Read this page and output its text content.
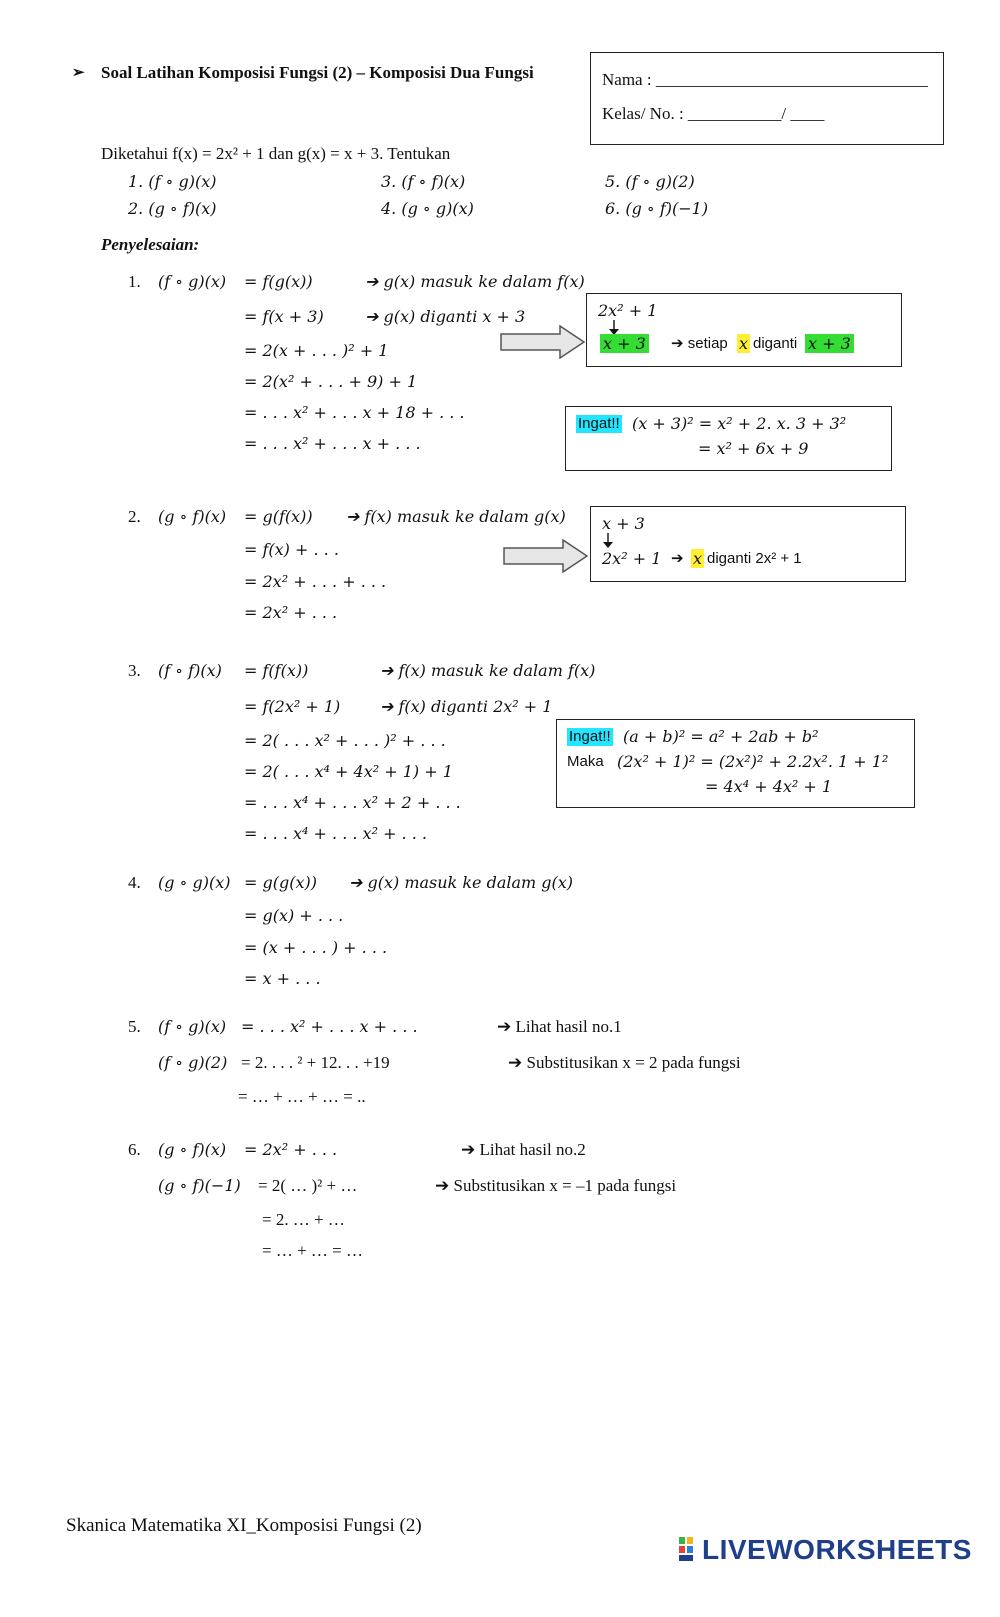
➢ Soal Latihan Komposisi Fungsi (2) – Komposisi Dua Fungsi	Nama : ________________________________
Kelas/ No. : ___________/ ____
Diketahui f(x) = 2x² + 1 dan g(x) = x + 3. Tentukan
1. (f ∘ g)(x)
2. (g ∘ f)(x)
3. (f ∘ f)(x)
4. (g ∘ g)(x)
5. (f ∘ g)(2)
6. (g ∘ f)(−1)
Penyelesaian:
1. (f ∘ g)(x) = f(g(x))	➔ g(x) masuk ke dalam f(x)
= f(x + 3)	➔ g(x) diganti x + 3
= 2(x + . . . )² + 1
= 2(x² + . . . + 9) + 1
= . . . x² + . . . x + 18 + . . .
= . . . x² + . . . x + . . .
2x² + 1
x + 3 ➔ setiap x diganti x + 3
Ingat!! (x + 3)² = x² + 2. x. 3 + 3²
= x² + 6x + 9
2. (g ∘ f)(x) = g(f(x)) ➔ f(x) masuk ke dalam g(x)
= f(x) + . . .
= 2x² + . . . + . . .
= 2x² + . . .
x + 3
2x² + 1 ➔ x diganti 2x² + 1
3. (f ∘ f)(x) = f(f(x))	➔ f(x) masuk ke dalam f(x)
= f(2x² + 1) ➔ f(x) diganti 2x² + 1
= 2( . . . x² + . . . )² + . . .
= 2( . . . x⁴ + 4x² + 1) + 1
= . . . x⁴ + . . . x² + 2 + . . .
= . . . x⁴ + . . . x² + . . .
Ingat!! (a + b)² = a² + 2ab + b²
Maka (2x² + 1)² = (2x²)² + 2.2x². 1 + 1²
= 4x⁴ + 4x² + 1
4. (g ∘ g)(x) = g(g(x)) ➔ g(x) masuk ke dalam g(x)
= g(x) + . . .
= (x + . . . ) + . . .
= x + . . .
5. (f ∘ g)(x) = . . . x² + . . . x + . . .	➔ Lihat hasil no.1
(f ∘ g)(2) = 2. . . . ² + 12. . . +19	➔ Substitusikan x = 2 pada fungsi
= … + … + … = ..
6. (g ∘ f)(x) = 2x² + . . .	➔ Lihat hasil no.2
(g ∘ f)(−1) = 2( … )² + …	➔ Substitusikan x = –1 pada fungsi
= 2. … + …
= … + … = …
Skanica Matematika XI_Komposisi Fungsi (2)
LIVEWORKSHEETS
